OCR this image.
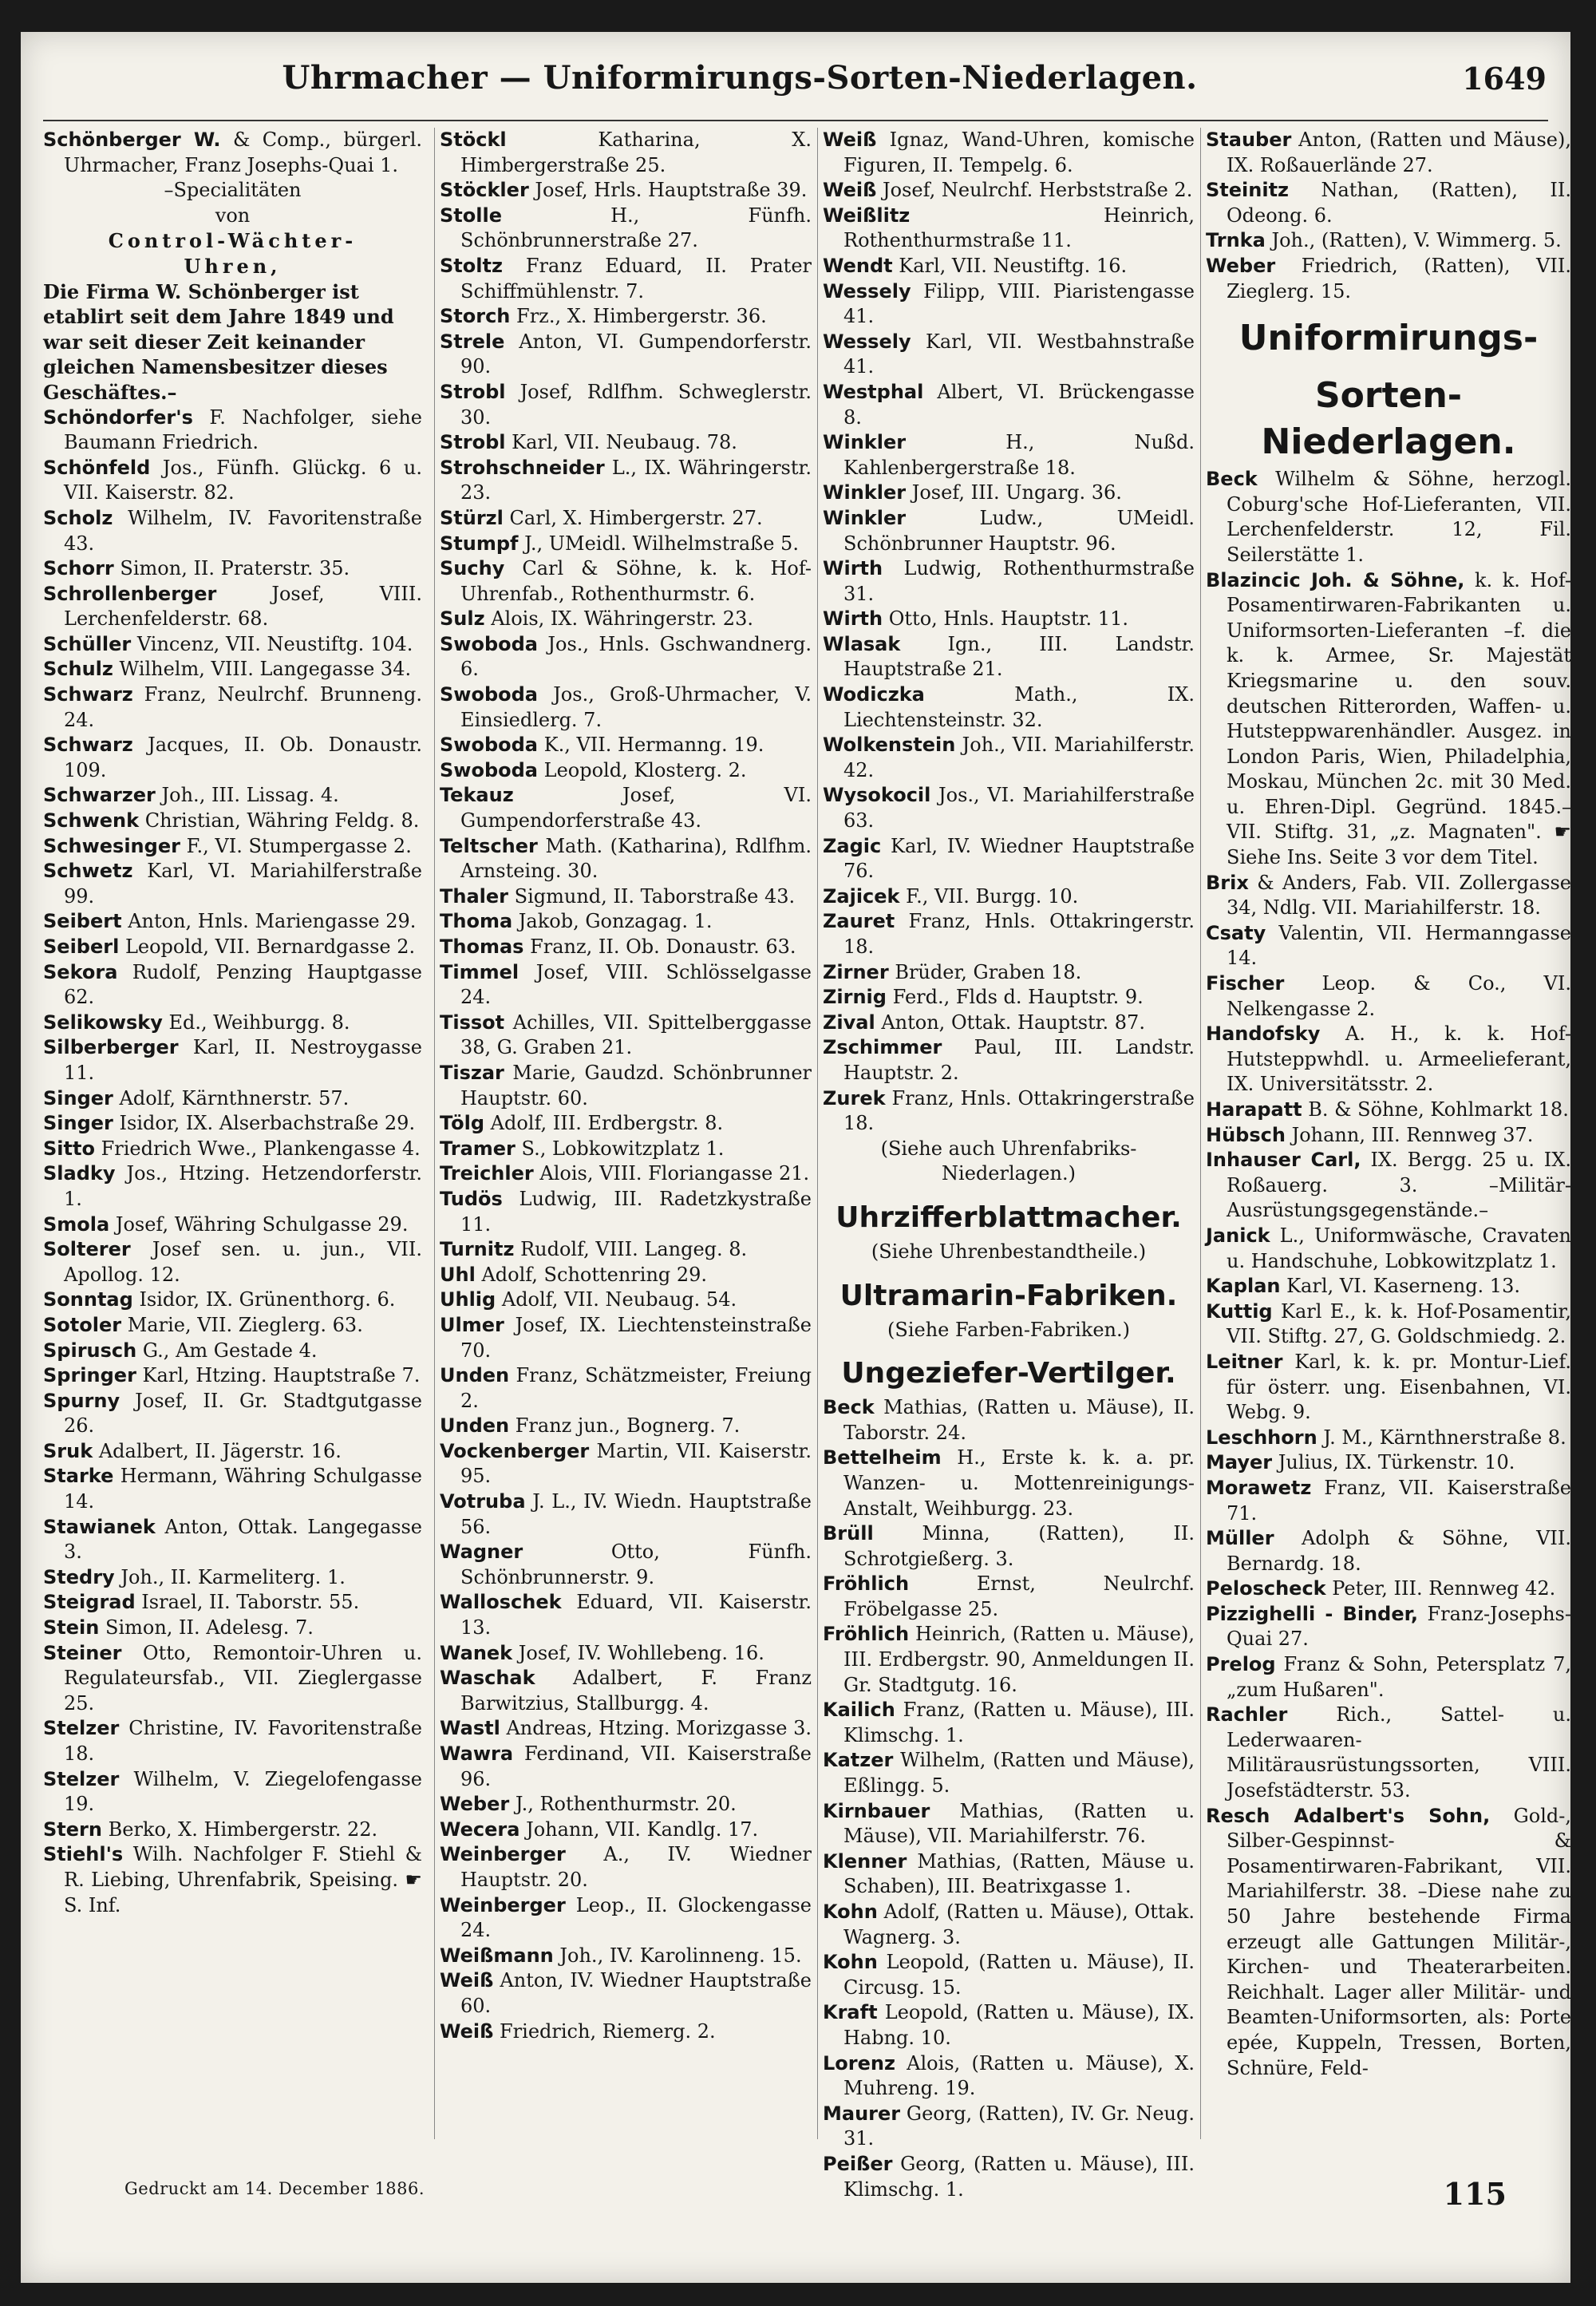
Uhrmacher — Uniformirungs-Sorten-Niederlagen.	1649

Schönberger W. & Comp., bürgerl. Uhrmacher, Franz Josephs-Quai 1.

–Specialitäten

von

Control-Wächter-

Uhren,

Die Firma W. Schönberger ist etablirt seit dem Jahre 1849 und war seit dieser Zeit keinander gleichen Namensbesitzer dieses Geschäftes.–

Schöndorfer's F. Nachfolger, siehe Baumann Friedrich.

Schönfeld Jos., Fünfh. Glückg. 6 u. VII. Kaiserstr. 82.

Scholz Wilhelm, IV. Favoritenstraße 43.

Schorr Simon, II. Praterstr. 35.

Schrollenberger	Josef, VIII. Lerchenfelderstr. 68.

Schüller Vincenz, VII. Neustiftg. 104.

Schulz Wilhelm, VIII. Langegasse 34.

Schwarz Franz, Neulrchf. Brunneng. 24.

Schwarz Jacques, II. Ob. Donaustr. 109.

Schwarzer Joh., III. Lissag. 4.

Schwenk Christian, Währing Feldg. 8.

Schwesinger F., VI. Stumpergasse 2.

Schwetz Karl, VI. Mariahilferstraße 99.

Seibert Anton, Hnls. Mariengasse 29.

Seiberl Leopold, VII. Bernardgasse 2.

Sekora Rudolf, Penzing Hauptgasse 62.

Selikowsky Ed., Weihburgg. 8.

Silberberger Karl, II. Nestroygasse 11.

Singer Adolf, Kärnthnerstr. 57.

Singer Isidor, IX. Alserbachstraße 29.

Sitto Friedrich Wwe., Plankengasse 4.

Sladky Jos., Htzing. Hetzendorferstr. 1.

Smola Josef, Währing Schulgasse 29.

Solterer Josef sen. u. jun., VII. Apollog. 12.

Sonntag Isidor, IX. Grünenthorg. 6.

Sotoler Marie, VII. Zieglerg. 63.

Spirusch G., Am Gestade 4.

Springer Karl, Htzing. Hauptstraße 7.

Spurny Josef, II. Gr. Stadtgutgasse 26.

Sruk Adalbert, II. Jägerstr. 16.

Starke Hermann, Währing Schulgasse 14.

Stawianek Anton, Ottak. Langegasse 3.

Stedry Joh., II. Karmeliterg. 1.

Steigrad Israel, II. Taborstr. 55.

Stein Simon, II. Adelesg. 7.

Steiner Otto, Remontoir-Uhren u. Regulateursfab., VII. Zieglergasse 25.

Stelzer Christine, IV. Favoritenstraße 18.

Stelzer Wilhelm, V. Ziegelofengasse 19.

Stern Berko, X. Himbergerstr. 22.

Stiehl's Wilh. Nachfolger F. Stiehl & R. Liebing, Uhrenfabrik, Speising. ☛ S. Inf.

Stöckl	Katharina, X. Himbergerstraße 25.

Stöckler Josef, Hrls. Hauptstraße 39.

Stolle	H., Fünfh. Schönbrunnerstraße 27.

Stoltz Franz Eduard, II. Prater Schiffmühlenstr. 7.

Storch Frz., X. Himbergerstr. 36.

Strele Anton, VI. Gumpendorferstr. 90.

Strobl Josef, Rdlfhm. Schweglerstr. 30.

Strobl Karl, VII. Neubaug. 78.

Strohschneider L., IX. Währingerstr. 23.

Stürzl Carl, X. Himbergerstr. 27.

Stumpf J., UMeidl. Wilhelmstraße 5.

Suchy Carl & Söhne, k. k. Hof-Uhrenfab., Rothenthurmstr. 6.

Sulz Alois, IX. Währingerstr. 23.

Swoboda Jos., Hnls. Gschwandnerg. 6.

Swoboda Jos., Groß-Uhrmacher, V. Einsiedlerg. 7.

Swoboda K., VII. Hermanng. 19.

Swoboda Leopold, Klosterg. 2.

Tekauz	Josef, VI. Gumpendorferstraße 43.

Teltscher Math. (Katharina), Rdlfhm. Arnsteing. 30.

Thaler Sigmund, II. Taborstraße 43.

Thoma Jakob, Gonzagag. 1.

Thomas Franz, II. Ob. Donaustr. 63.

Timmel Josef, VIII. Schlösselgasse 24.

Tissot Achilles, VII. Spittelberggasse 38, G. Graben 21.

Tiszar Marie, Gaudzd. Schönbrunner Hauptstr. 60.

Tölg Adolf, III. Erdbergstr. 8.

Tramer S., Lobkowitzplatz 1.

Treichler Alois, VIII. Floriangasse 21.

Tudös Ludwig, III. Radetzkystraße 11.

Turnitz Rudolf, VIII. Langeg. 8.

Uhl Adolf, Schottenring 29.

Uhlig Adolf, VII. Neubaug. 54.

Ulmer Josef, IX. Liechtensteinstraße 70.

Unden Franz, Schätzmeister, Freiung 2.

Unden Franz jun., Bognerg. 7.

Vockenberger Martin, VII. Kaiserstr. 95.

Votruba J. L., IV. Wiedn. Hauptstraße 56.

Wagner	Otto, Fünfh. Schönbrunnerstr. 9.

Walloschek Eduard, VII. Kaiserstr. 13.

Wanek Josef, IV. Wohllebeng. 16.

Waschak Adalbert, F. Franz Barwitzius, Stallburgg. 4.

Wastl Andreas, Htzing. Morizgasse 3.

Wawra Ferdinand, VII. Kaiserstraße 96.

Weber J., Rothenthurmstr. 20.

Wecera Johann, VII. Kandlg. 17.

Weinberger A., IV. Wiedner Hauptstr. 20.

Weinberger Leop., II. Glockengasse 24.

Weißmann Joh., IV. Karolinneng. 15.

Weiß Anton, IV. Wiedner Hauptstraße 60.

Weiß Friedrich, Riemerg. 2.

Weiß Ignaz, Wand-Uhren, komische Figuren, II. Tempelg. 6.

Weiß Josef, Neulrchf. Herbststraße 2.

Weißlitz	Heinrich, Rothenthurmstraße 11.

Wendt Karl, VII. Neustiftg. 16.

Wessely Filipp, VIII. Piaristengasse 41.

Wessely Karl, VII. Westbahnstraße 41.

Westphal Albert, VI. Brückengasse 8.

Winkler	H., Nußd. Kahlenbergerstraße 18.

Winkler Josef, III. Ungarg. 36.

Winkler	Ludw., UMeidl. Schönbrunner Hauptstr. 96.

Wirth Ludwig, Rothenthurmstraße 31.

Wirth Otto, Hnls. Hauptstr. 11.

Wlasak Ign., III. Landstr. Hauptstraße 21.

Wodiczka	Math., IX. Liechtensteinstr. 32.

Wolkenstein Joh., VII. Mariahilferstr. 42.

Wysokocil Jos., VI. Mariahilferstraße 63.

Zagic Karl, IV. Wiedner Hauptstraße 76.

Zajicek F., VII. Burgg. 10.

Zauret Franz, Hnls. Ottakringerstr. 18.

Zirner Brüder, Graben 18.

Zirnig Ferd., Flds d. Hauptstr. 9.

Zival Anton, Ottak. Hauptstr. 87.

Zschimmer Paul, III. Landstr. Hauptstr. 2.

Zurek Franz, Hnls. Ottakringerstraße 18.

(Siehe auch Uhrenfabriks-Niederlagen.)

Uhrzifferblattmacher.

(Siehe Uhrenbestandtheile.)

Ultramarin-Fabriken.

(Siehe Farben-Fabriken.)

Ungeziefer-Vertilger.

Beck Mathias, (Ratten u. Mäuse), II. Taborstr. 24.

Bettelheim H., Erste k. k. a. pr. Wanzen- u. Mottenreinigungs-Anstalt, Weihburgg. 23.

Brüll	Minna, (Ratten), II. Schrotgießerg. 3.

Fröhlich	Ernst, Neulrchf. Fröbelgasse 25.

Fröhlich Heinrich, (Ratten u. Mäuse), III. Erdbergstr. 90, Anmeldungen II. Gr. Stadtgutg. 16.

Kailich Franz, (Ratten u. Mäuse), III. Klimschg. 1.

Katzer Wilhelm, (Ratten und Mäuse), Eßlingg. 5.

Kirnbauer Mathias, (Ratten u. Mäuse), VII. Mariahilferstr. 76.

Klenner Mathias, (Ratten, Mäuse u. Schaben), III. Beatrixgasse 1.

Kohn Adolf, (Ratten u. Mäuse), Ottak. Wagnerg. 3.

Kohn Leopold, (Ratten u. Mäuse), II. Circusg. 15.

Kraft Leopold, (Ratten u. Mäuse), IX. Habng. 10.

Lorenz Alois, (Ratten u. Mäuse), X. Muhreng. 19.

Maurer Georg, (Ratten), IV. Gr. Neug. 31.

Peißer Georg, (Ratten u. Mäuse), III. Klimschg. 1.

Stauber Anton, (Ratten und Mäuse), IX. Roßauerlände 27.

Steinitz Nathan, (Ratten), II. Odeong. 6.

Trnka Joh., (Ratten), V. Wimmerg. 5.

Weber Friedrich, (Ratten), VII. Zieglerg. 15.

Uniformirungs-

Sorten-Niederlagen.

Beck Wilhelm & Söhne, herzogl. Coburg'sche Hof-Lieferanten, VII. Lerchenfelderstr. 12, Fil. Seilerstätte 1.

Blazincic Joh. & Söhne, k. k. Hof-Posamentirwaren-Fabrikanten u. Uniformsorten-Lieferanten –f. die k. k. Armee, Sr. Majestät Kriegsmarine u. den souv. deutschen Ritterorden, Waffen- u. Hutsteppwarenhändler. Ausgez. in London Paris, Wien, Philadelphia, Moskau, München 2c. mit 30 Med. u. Ehren-Dipl. Gegründ. 1845.– VII. Stiftg. 31, „z. Magnaten". ☛ Siehe Ins. Seite 3 vor dem Titel.

Brix & Anders, Fab. VII. Zollergasse 34, Ndlg. VII. Mariahilferstr. 18.

Csaty Valentin, VII. Hermanngasse 14.

Fischer Leop. & Co., VI. Nelkengasse 2.

Handofsky A. H., k. k. Hof-Hutsteppwhdl. u. Armeelieferant, IX. Universitätsstr. 2.

Harapatt B. & Söhne, Kohlmarkt 18.

Hübsch Johann, III. Rennweg 37.

Inhauser Carl, IX. Bergg. 25 u. IX. Roßauerg. 3. –Militär-Ausrüstungsgegenstände.–

Janick L., Uniformwäsche, Cravaten u. Handschuhe, Lobkowitzplatz 1.

Kaplan Karl, VI. Kaserneng. 13.

Kuttig Karl E., k. k. Hof-Posamentir, VII. Stiftg. 27, G. Goldschmiedg. 2.

Leitner Karl, k. k. pr. Montur-Lief. für österr. ung. Eisenbahnen, VI. Webg. 9.

Leschhorn J. M., Kärnthnerstraße 8.

Mayer Julius, IX. Türkenstr. 10.

Morawetz Franz, VII. Kaiserstraße 71.

Müller Adolph & Söhne, VII. Bernardg. 18.

Peloscheck Peter, III. Rennweg 42.

Pizzighelli - Binder, Franz-Josephs-Quai 27.

Prelog Franz & Sohn, Petersplatz 7, „zum Hußaren".

Rachler	Rich., Sattel- u. Lederwaaren-Militärausrüstungssorten, VIII. Josefstädterstr. 53.

Resch Adalbert's Sohn, Gold-, Silber-Gespinnst- & Posamentirwaren-Fabrikant, VII. Mariahilferstr. 38. –Diese nahe zu 50 Jahre bestehende Firma erzeugt alle Gattungen Militär-, Kirchen- und Theaterarbeiten. Reichhalt. Lager aller Militär- und Beamten-Uniformsorten, als: Porte epée, Kuppeln, Tressen, Borten, Schnüre, Feld-

Gedruckt am 14. December 1886.	115
